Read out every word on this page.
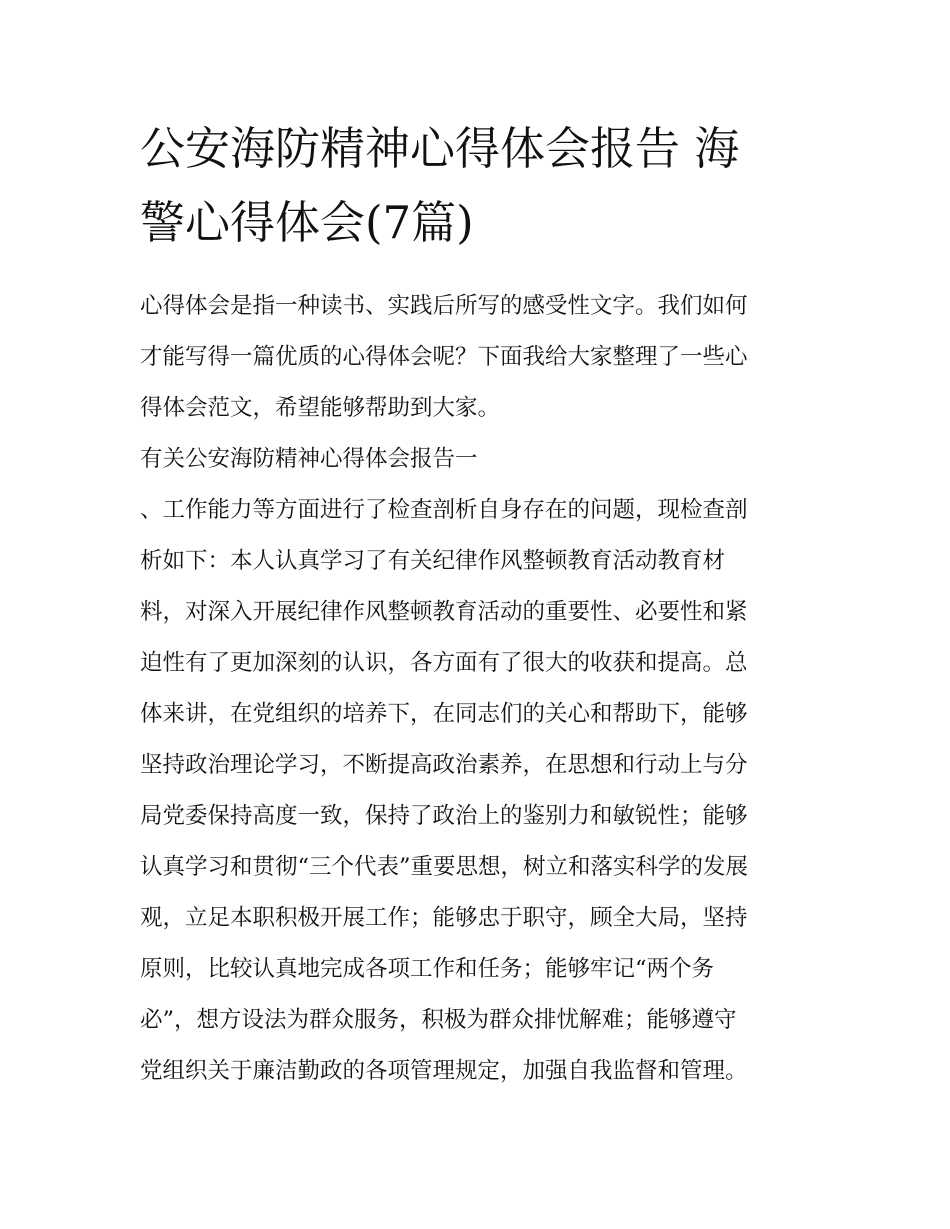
公安海防精神心得体会报告 海
警心得体会(7篇)

心得体会是指一种读书、实践后所写的感受性文字。我们如何
才能写得一篇优质的心得体会呢？下面我给大家整理了一些心
得体会范文，希望能够帮助到大家。

有关公安海防精神心得体会报告一

、工作能力等方面进行了检查剖析自身存在的问题，现检查剖
析如下：本人认真学习了有关纪律作风整顿教育活动教育材
料，对深入开展纪律作风整顿教育活动的重要性、必要性和紧
迫性有了更加深刻的认识，各方面有了很大的收获和提高。总
体来讲，在党组织的培养下，在同志们的关心和帮助下，能够
坚持政治理论学习，不断提高政治素养，在思想和行动上与分
局党委保持高度一致，保持了政治上的鉴别力和敏锐性；能够
认真学习和贯彻“三个代表”重要思想，树立和落实科学的发展
观，立足本职积极开展工作；能够忠于职守，顾全大局，坚持
原则，比较认真地完成各项工作和任务；能够牢记“两个务
必”，想方设法为群众服务，积极为群众排忧解难；能够遵守
党组织关于廉洁勤政的各项管理规定，加强自我监督和管理。
